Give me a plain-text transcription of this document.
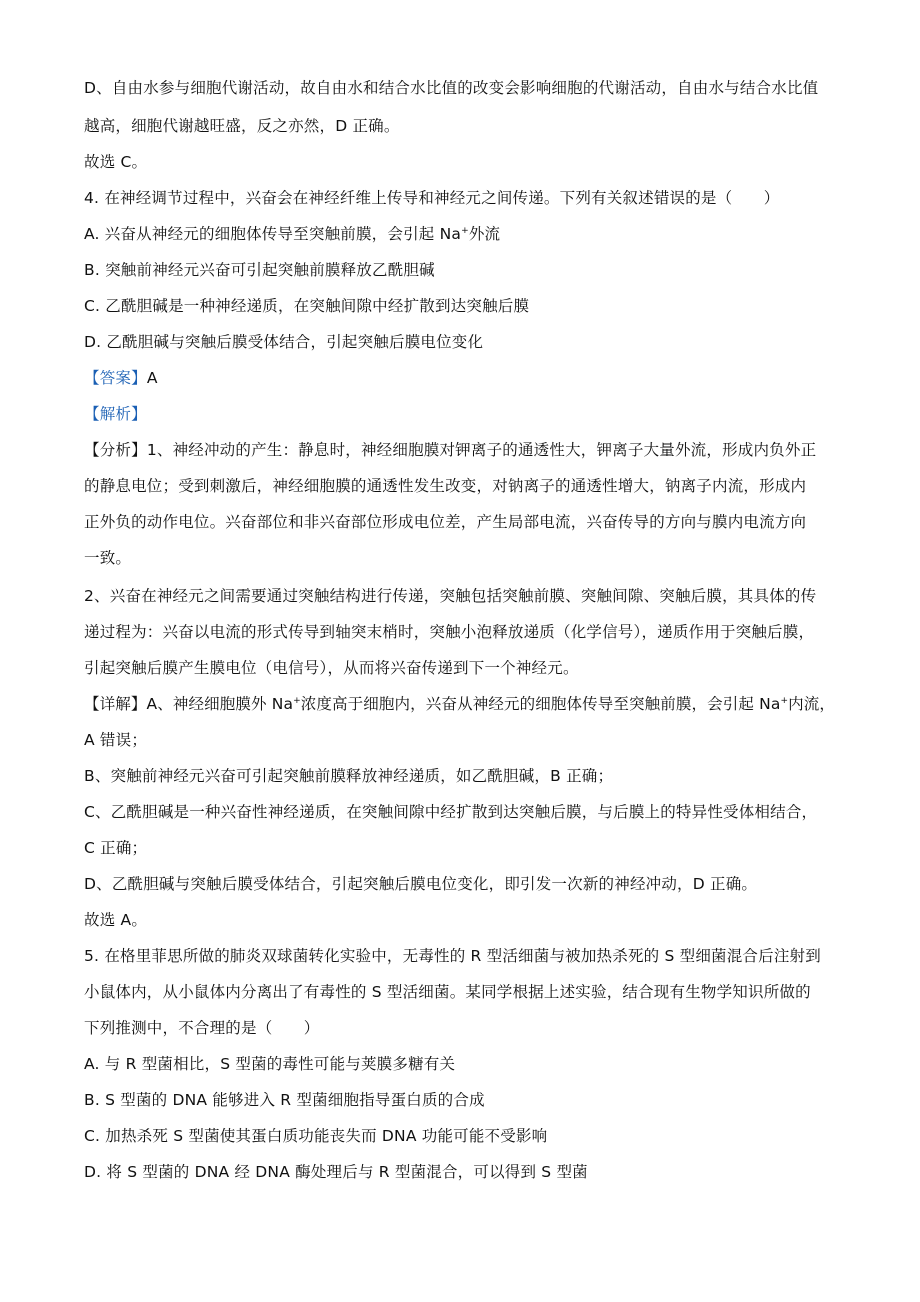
D、自由水参与细胞代谢活动，故自由水和结合水比值的改变会影响细胞的代谢活动，自由水与结合水比值
越高，细胞代谢越旺盛，反之亦然，D 正确。
故选 C。
4. 在神经调节过程中，兴奋会在神经纤维上传导和神经元之间传递。下列有关叙述错误的是（　　）
A. 兴奋从神经元的细胞体传导至突触前膜，会引起 Na+外流
B. 突触前神经元兴奋可引起突触前膜释放乙酰胆碱
C. 乙酰胆碱是一种神经递质，在突触间隙中经扩散到达突触后膜
D. 乙酰胆碱与突触后膜受体结合，引起突触后膜电位变化
【答案】A
【解析】
【分析】1、神经冲动的产生：静息时，神经细胞膜对钾离子的通透性大，钾离子大量外流，形成内负外正
的静息电位；受到刺激后，神经细胞膜的通透性发生改变，对钠离子的通透性增大，钠离子内流，形成内
正外负的动作电位。兴奋部位和非兴奋部位形成电位差，产生局部电流，兴奋传导的方向与膜内电流方向
一致。
2、兴奋在神经元之间需要通过突触结构进行传递，突触包括突触前膜、突触间隙、突触后膜，其具体的传
递过程为：兴奋以电流的形式传导到轴突末梢时，突触小泡释放递质（化学信号），递质作用于突触后膜，
引起突触后膜产生膜电位（电信号），从而将兴奋传递到下一个神经元。
【详解】A、神经细胞膜外 Na+浓度高于细胞内，兴奋从神经元的细胞体传导至突触前膜，会引起 Na+内流，
A 错误；
B、突触前神经元兴奋可引起突触前膜释放神经递质，如乙酰胆碱，B 正确；
C、乙酰胆碱是一种兴奋性神经递质，在突触间隙中经扩散到达突触后膜，与后膜上的特异性受体相结合，
C 正确；
D、乙酰胆碱与突触后膜受体结合，引起突触后膜电位变化，即引发一次新的神经冲动，D 正确。
故选 A。
5. 在格里菲思所做的肺炎双球菌转化实验中，无毒性的 R 型活细菌与被加热杀死的 S 型细菌混合后注射到
小鼠体内，从小鼠体内分离出了有毒性的 S 型活细菌。某同学根据上述实验，结合现有生物学知识所做的
下列推测中，不合理的是（　　）
A. 与 R 型菌相比，S 型菌的毒性可能与荚膜多糖有关
B. S 型菌的 DNA 能够进入 R 型菌细胞指导蛋白质的合成
C. 加热杀死 S 型菌使其蛋白质功能丧失而 DNA 功能可能不受影响
D. 将 S 型菌的 DNA 经 DNA 酶处理后与 R 型菌混合，可以得到 S 型菌
